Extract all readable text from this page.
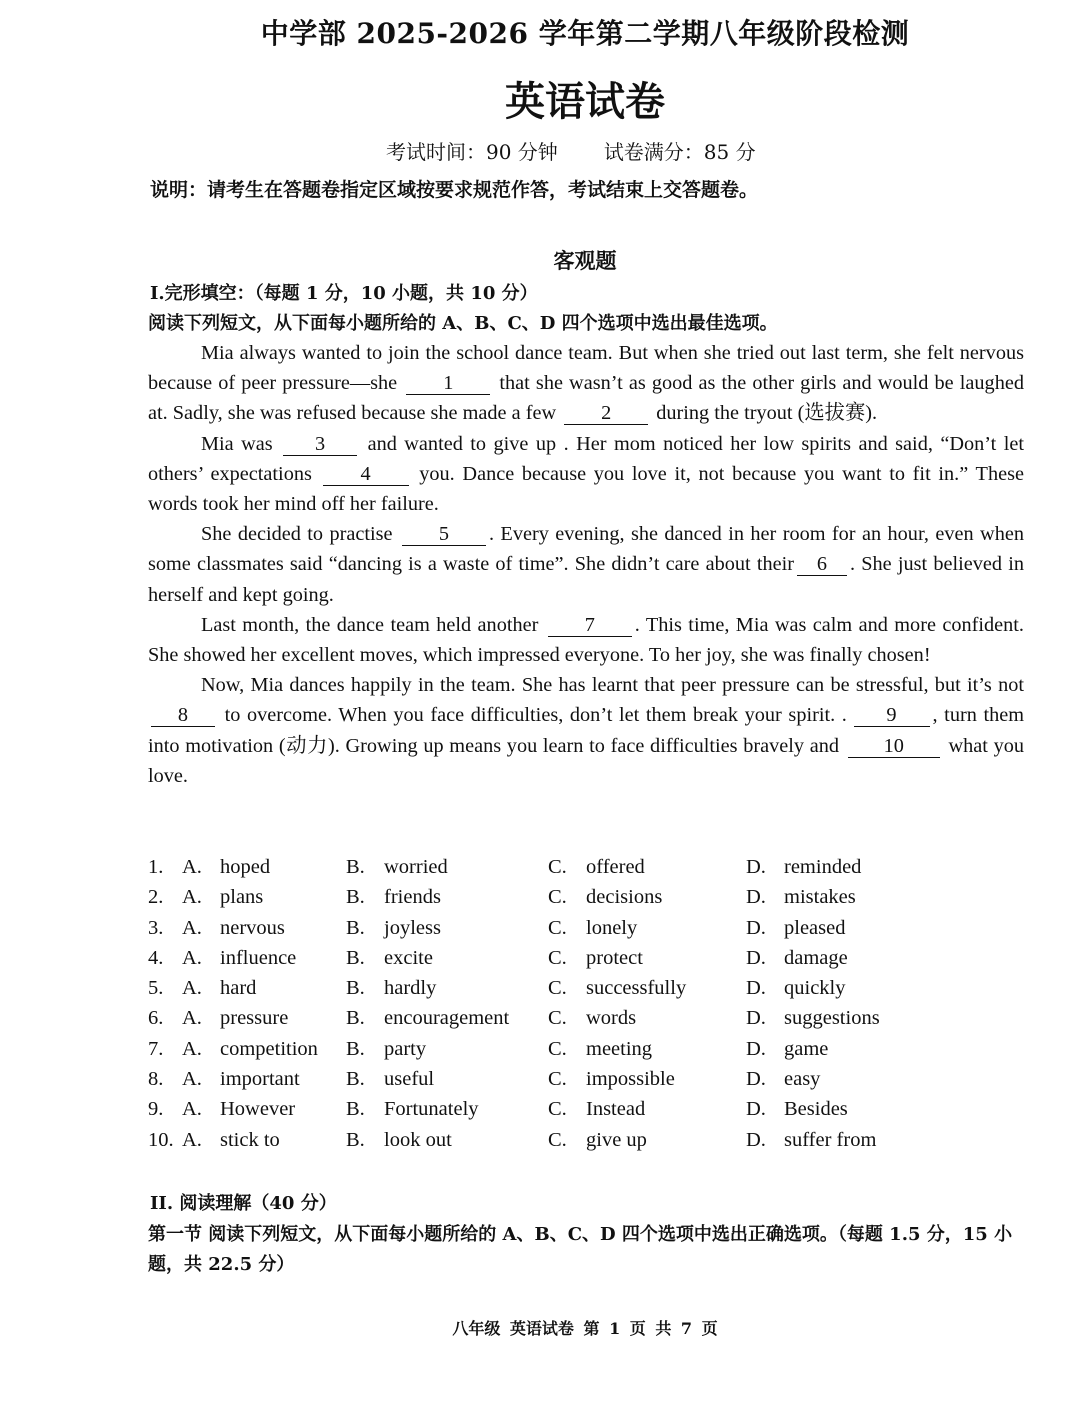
中学部 2025-2026 学年第二学期八年级阶段检测
英语试卷
考试时间：90 分钟 试卷满分：85 分
说明：请考生在答题卷指定区域按要求规范作答，考试结束上交答题卷。
客观题
Ⅰ.完形填空：（每题 1 分，10 小题，共 10 分）
阅读下列短文，从下面每小题所给的 A、B、C、D 四个选项中选出最佳选项。

Mia always wanted to join the school dance team. But when she tried out last term, she felt nervous because of peer pressure—she 1 that she wasn’t as good as the other girls and would be laughed at. Sadly, she was refused because she made a few 2 during the tryout (选拔赛).

Mia was 3 and wanted to give up . Her mom noticed her low spirits and said, “Don’t let others’ expectations 4 you. Dance because you love it, not because you want to fit in.” These words took her mind off her failure.

She decided to practise 5 . Every evening, she danced in her room for an hour, even when some classmates said “dancing is a waste of time”. She didn’t care about their 6 . She just believed in herself and kept going.

Last month, the dance team held another 7 . This time, Mia was calm and more confident. She showed her excellent moves, which impressed everyone. To her joy, she was finally chosen!

Now, Mia dances happily in the team. She has learnt that peer pressure can be stressful, but it’s not8 to overcome. When you face difficulties, don’t let them break your spirit. . 9 , turn them into motivation (动力). Growing up means you learn to face difficulties bravely and 10 what you love.

1. A. hoped	B. worried	C. offered	D. reminded
2. A. plans	B. friends	C. decisions	D. mistakes
3. A. nervous	B. joyless	C. lonely	D. pleased
4. A. influence B. excite	C. protect	D. damage
5. A. hard	B. hardly	C. successfully	D. quickly
6. A. pressure	B. encouragement C. words	D. suggestions
7. A. competition B. party	C. meeting	D. game
8. A. important B. useful	C. impossible	D. easy
9. A. However B. Fortunately	C. Instead	D. Besides
10. A. stick to	B. look out	C. give up	D. suffer from
II. 阅读理解（40 分）
第一节 阅读下列短文，从下面每小题所给的 A、B、C、D 四个选项中选出正确选项。（每题 1.5 分，15 小题，共 22.5 分）
八年级 英语试卷 第 1 页 共 7 页
